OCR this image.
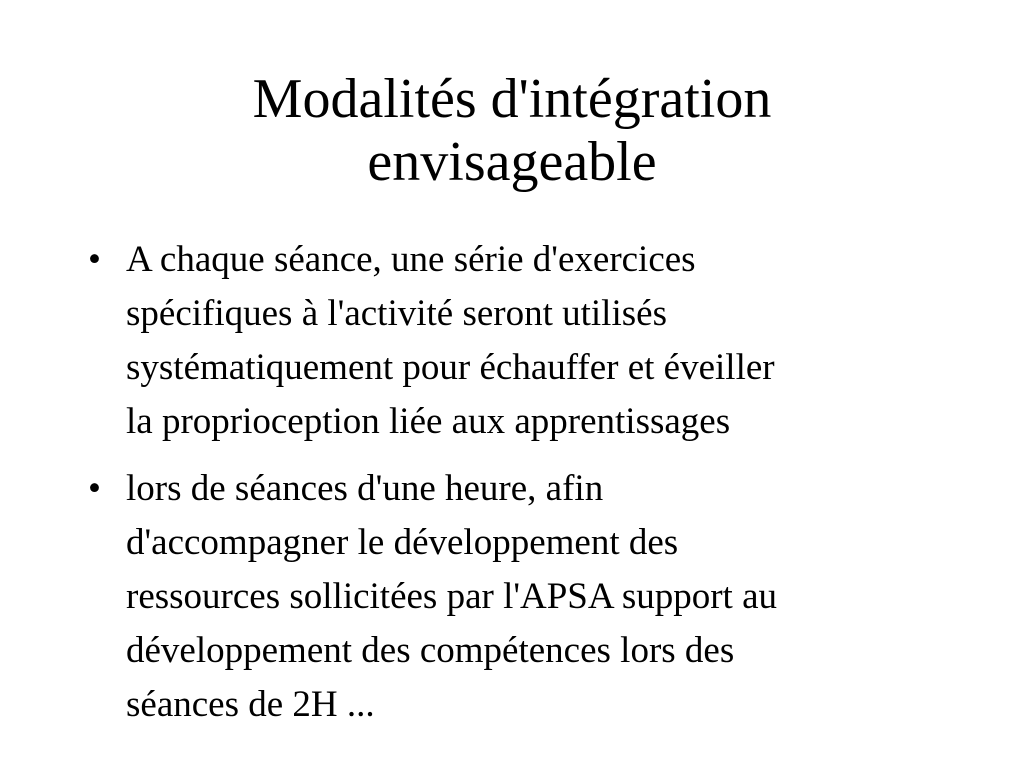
Modalités d'intégration
envisageable
• A chaque séance, une série d'exercices
spécifiques à l'activité seront utilisés
systématiquement pour échauffer et éveiller
la proprioception liée aux apprentissages
• lors de séances d'une heure, afin
d'accompagner le développement des
ressources sollicitées par l'APSA support au
développement des compétences lors des
séances de 2H ...
